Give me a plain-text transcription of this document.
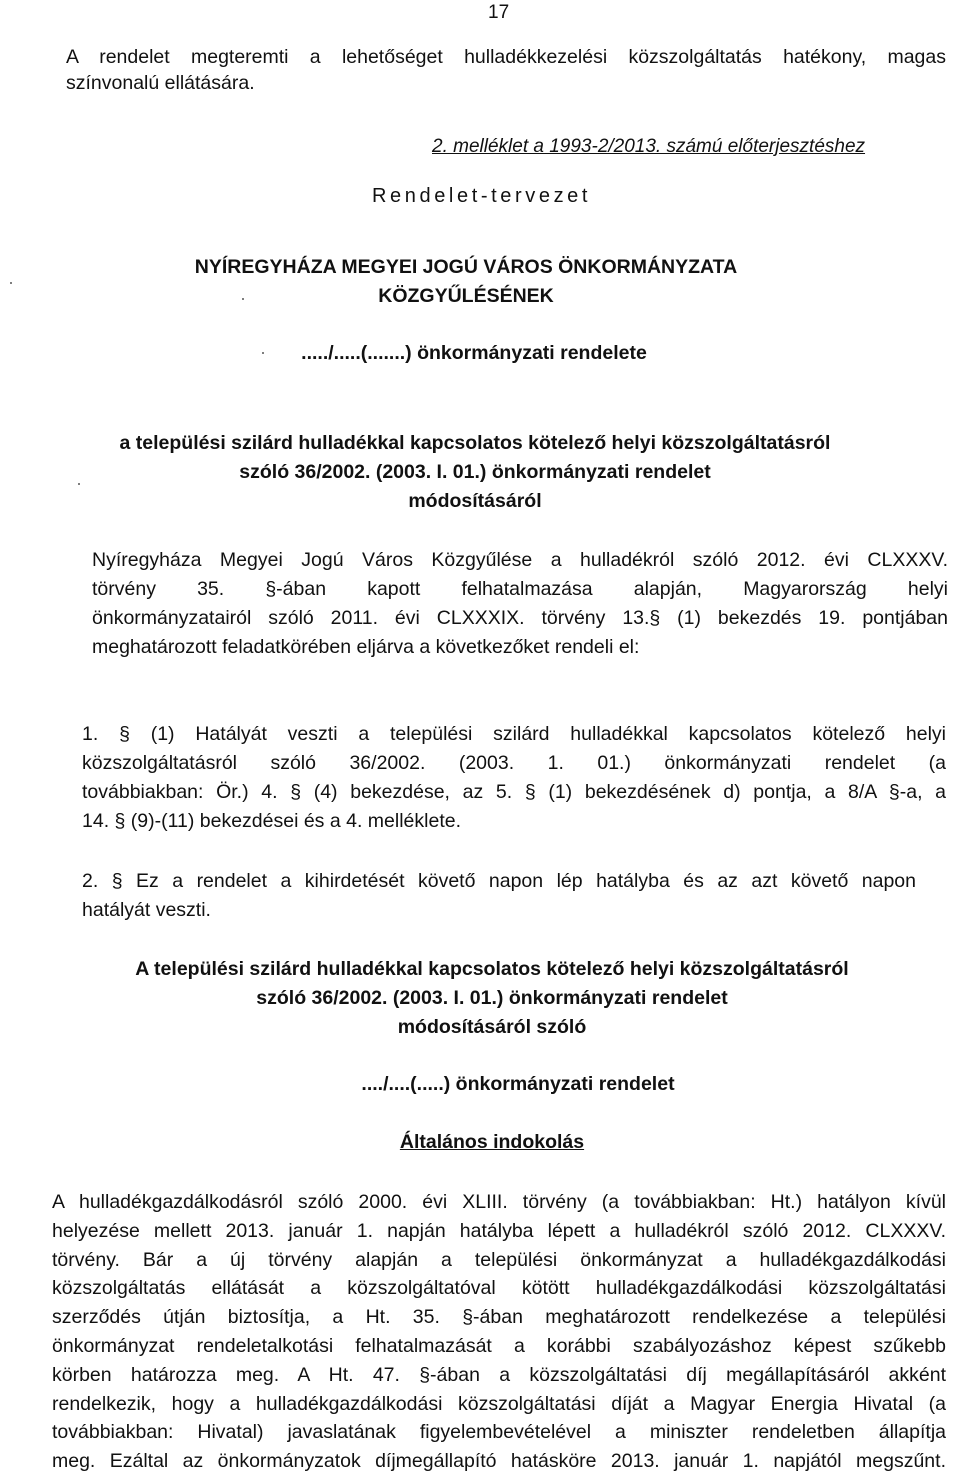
17
A rendelet megteremti a lehetőséget hulladékkezelési közszolgáltatás hatékony, magas
színvonalú ellátására.
2. melléklet a 1993-2/2013. számú előterjesztéshez
Rendelet-tervezet
NYÍREGYHÁZA MEGYEI JOGÚ VÁROS ÖNKORMÁNYZATA
KÖZGYŰLÉSÉNEK
...../.....(.......) önkormányzati rendelete
a települési szilárd hulladékkal kapcsolatos kötelező helyi közszolgáltatásról
szóló 36/2002. (2003. I. 01.) önkormányzati rendelet
módosításáról
Nyíregyháza Megyei Jogú Város Közgyűlése a hulladékról szóló 2012. évi CLXXXV.
törvény 35. §-ában kapott felhatalmazása alapján, Magyarország helyi
önkormányzatairól szóló 2011. évi CLXXXIX. törvény 13.§ (1) bekezdés 19. pontjában
meghatározott feladatkörében eljárva a következőket rendeli el:
1. § (1) Hatályát veszti a települési szilárd hulladékkal kapcsolatos kötelező helyi
közszolgáltatásról szóló 36/2002. (2003. 1. 01.) önkormányzati rendelet (a
továbbiakban: Ör.) 4. § (4) bekezdése, az 5. § (1) bekezdésének d) pontja, a 8/A §-a, a
14. § (9)-(11) bekezdései és a 4. melléklete.
2. § Ez a rendelet a kihirdetését követő napon lép hatályba és az azt követő napon
hatályát veszti.
A települési szilárd hulladékkal kapcsolatos kötelező helyi közszolgáltatásról
szóló 36/2002. (2003. I. 01.) önkormányzati rendelet
módosításáról szóló
..../....(.....) önkormányzati rendelet
Általános indokolás
A hulladékgazdálkodásról szóló 2000. évi XLIII. törvény (a továbbiakban: Ht.) hatályon kívül
helyezése mellett 2013. január 1. napján hatályba lépett a hulladékról szóló 2012. CLXXXV.
törvény. Bár a új törvény alapján a települési önkormányzat a hulladékgazdálkodási
közszolgáltatás ellátását a közszolgáltatóval kötött hulladékgazdálkodási közszolgáltatási
szerződés útján biztosítja, a Ht. 35. §-ában meghatározott rendelkezése a települési
önkormányzat rendeletalkotási felhatalmazását a korábbi szabályozáshoz képest szűkebb
körben határozza meg. A Ht. 47. §-ában a közszolgáltatási díj megállapításáról akként
rendelkezik, hogy a hulladékgazdálkodási közszolgáltatási díját a Magyar Energia Hivatal (a
továbbiakban: Hivatal) javaslatának figyelembevételével a miniszter rendeletben állapítja
meg. Ezáltal az önkormányzatok díjmegállapító hatásköre 2013. január 1. napjától megszűnt.
